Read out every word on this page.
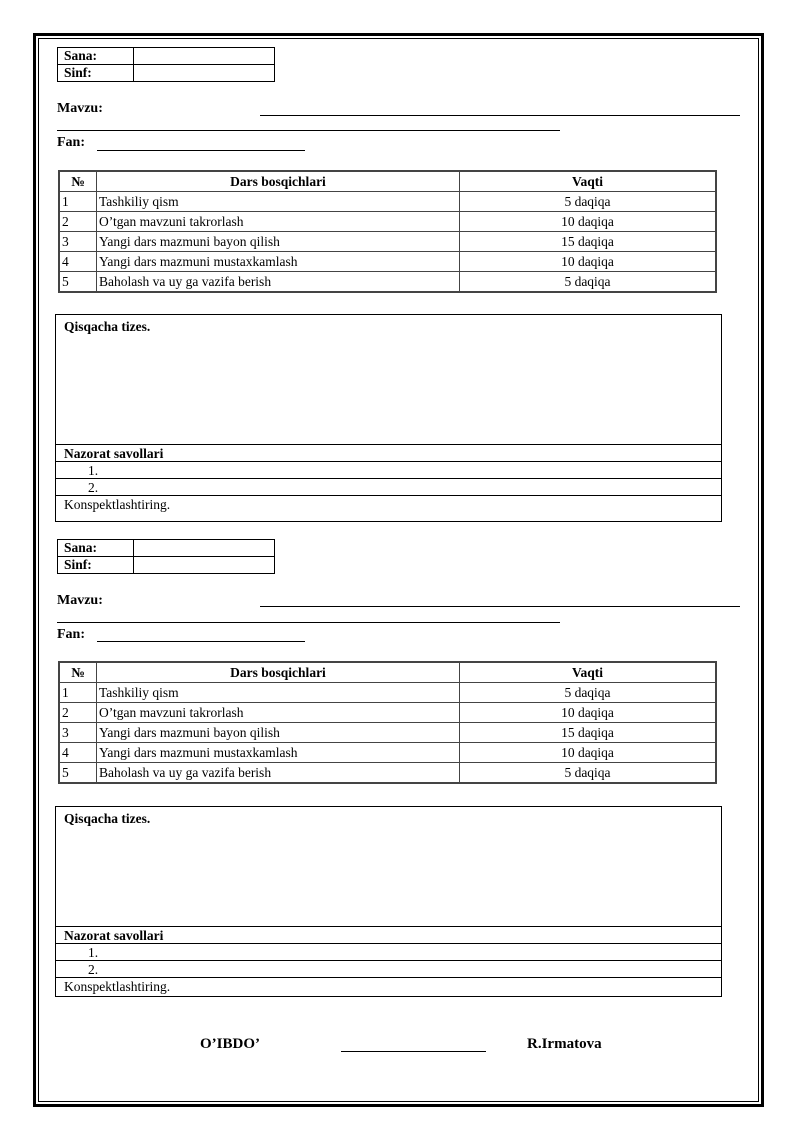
Sana:	
Sinf:	
Mavzu:
Fan:
№	Dars bosqichlari	Vaqti
1	Tashkiliy qism	5 daqiqa
2	O’tgan mavzuni takrorlash	10 daqiqa
3	Yangi dars mazmuni bayon qilish	15 daqiqa
4	Yangi dars mazmuni mustaxkamlash	10 daqiqa
5	Baholash va uy ga vazifa berish	5 daqiqa
Qisqacha tizes.
Nazorat savollari
1.
2.
Konspektlashtiring.
Sana:	
Sinf:	
Mavzu:
Fan:
№	Dars bosqichlari	Vaqti
1	Tashkiliy qism	5 daqiqa
2	O’tgan mavzuni takrorlash	10 daqiqa
3	Yangi dars mazmuni bayon qilish	15 daqiqa
4	Yangi dars mazmuni mustaxkamlash	10 daqiqa
5	Baholash va uy ga vazifa berish	5 daqiqa
Qisqacha tizes.
Nazorat savollari
1.
2.
Konspektlashtiring.
O’IBDO’	R.Irmatova
